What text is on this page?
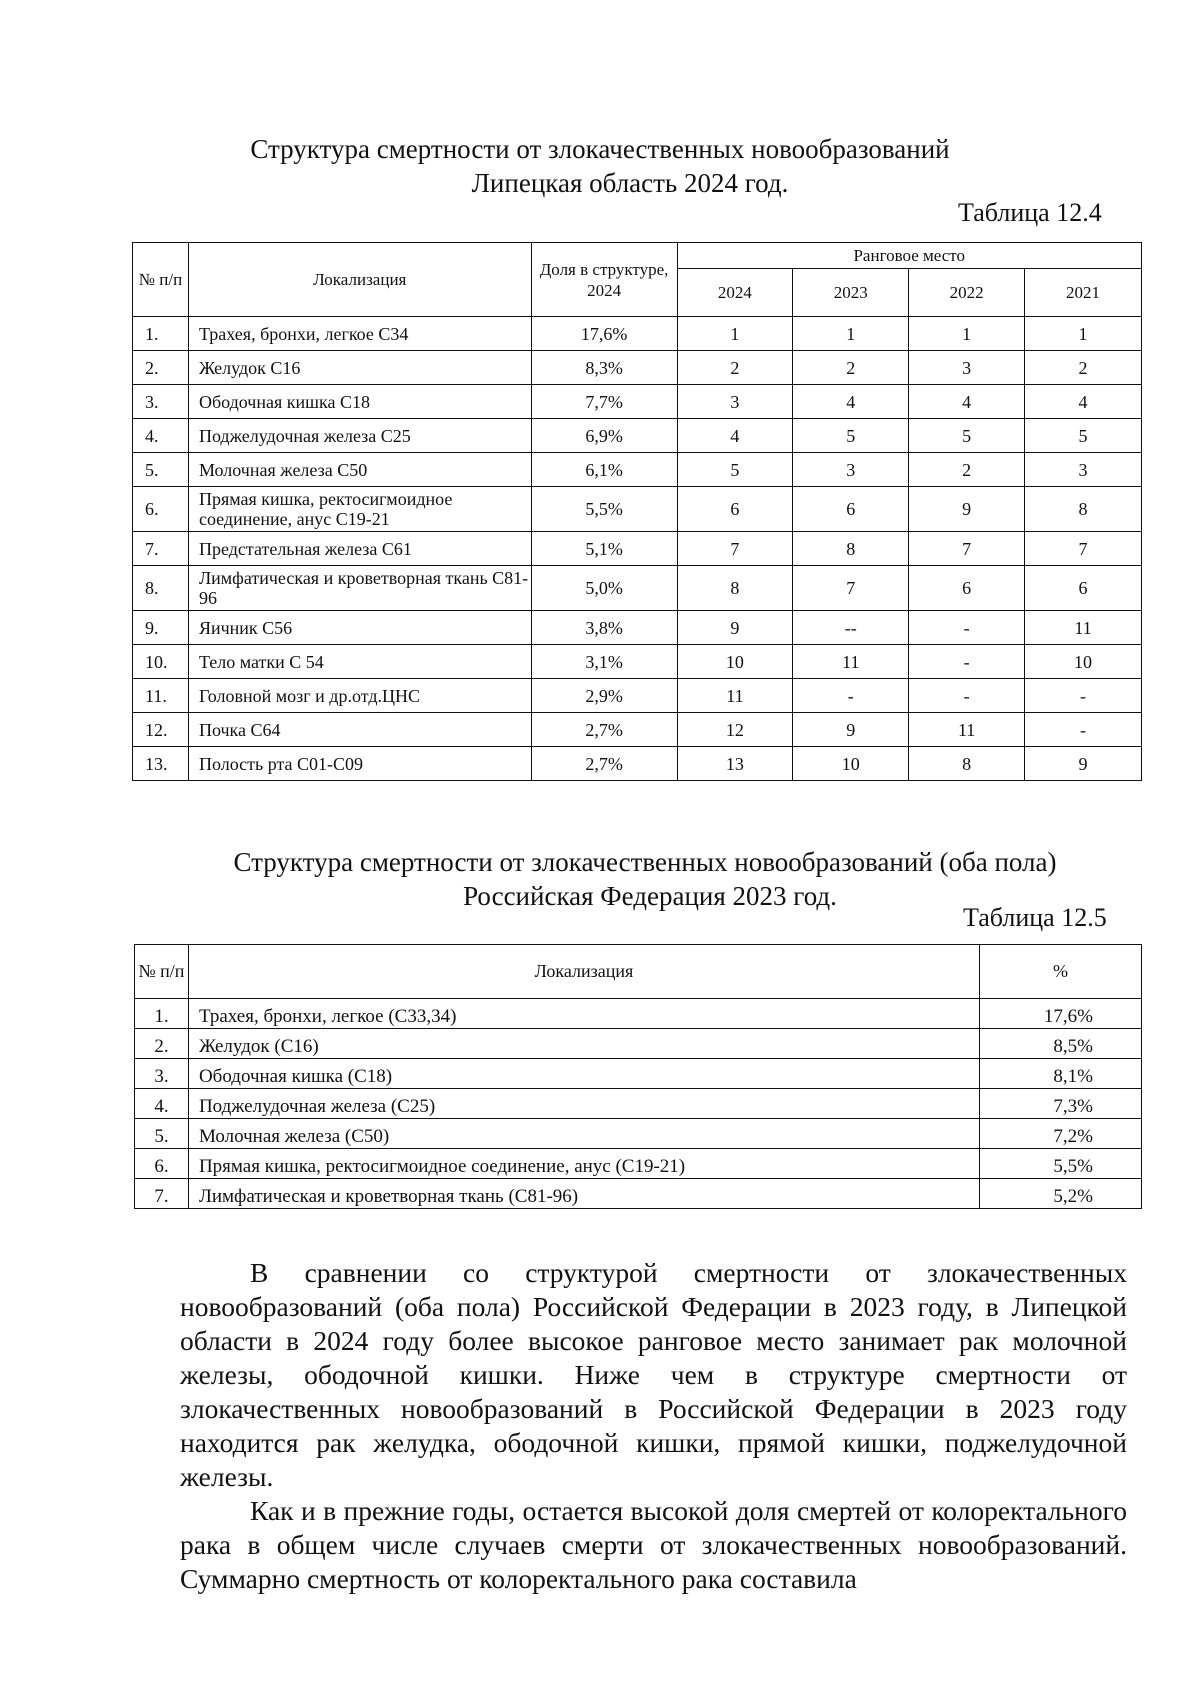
Структура смертности от злокачественных новообразований
Липецкая область 2024 год.
Таблица 12.4
№ п/п	Локализация	Доля в структуре, 2024	Ранговое место			
			2024	2023	2022	2021
1.	Трахея, бронхи, легкое С34	17,6%	1	1	1	1
2.	Желудок С16	8,3%	2	2	3	2
3.	Ободочная кишка С18	7,7%	3	4	4	4
4.	Поджелудочная железа С25	6,9%	4	5	5	5
5.	Молочная железа С50	6,1%	5	3	2	3
6.	Прямая кишка, ректосигмоидное соединение, анус С19-21	5,5%	6	6	9	8
7.	Предстательная железа С61	5,1%	7	8	7	7
8.	Лимфатическая и кроветворная ткань С81-96	5,0%	8	7	6	6
9.	Яичник С56	3,8%	9	--	-	11
10.	Тело матки С 54	3,1%	10	11	-	10
11.	Головной мозг и др.отд.ЦНС	2,9%	11	-	-	-
12.	Почка С64	2,7%	12	9	11	-
13.	Полость рта С01-С09	2,7%	13	10	8	9
Структура смертности от злокачественных новообразований (оба пола)
Российская Федерация 2023 год.
Таблица 12.5
№ п/п	Локализация	%
1.	Трахея, бронхи, легкое (С33,34)	17,6%
2.	Желудок (С16)	8,5%
3.	Ободочная кишка (С18)	8,1%
4.	Поджелудочная железа (С25)	7,3%
5.	Молочная железа (С50)	7,2%
6.	Прямая кишка, ректосигмоидное соединение, анус (С19-21)	5,5%
7.	Лимфатическая и кроветворная ткань (С81-96)	5,2%

В сравнении со структурой смертности от злокачественных новообразований (оба пола) Российской Федерации в 2023 году, в Липецкой области в 2024 году более высокое ранговое место занимает рак молочной железы, ободочной кишки. Ниже чем в структуре смертности от злокачественных новообразований в Российской Федерации в 2023 году находится рак желудка, ободочной кишки, прямой кишки, поджелудочной железы.

Как и в прежние годы, остается высокой доля смертей от колоректального рака в общем числе случаев смерти от злокачественных новообразований. Суммарно смертность от колоректального рака составила
